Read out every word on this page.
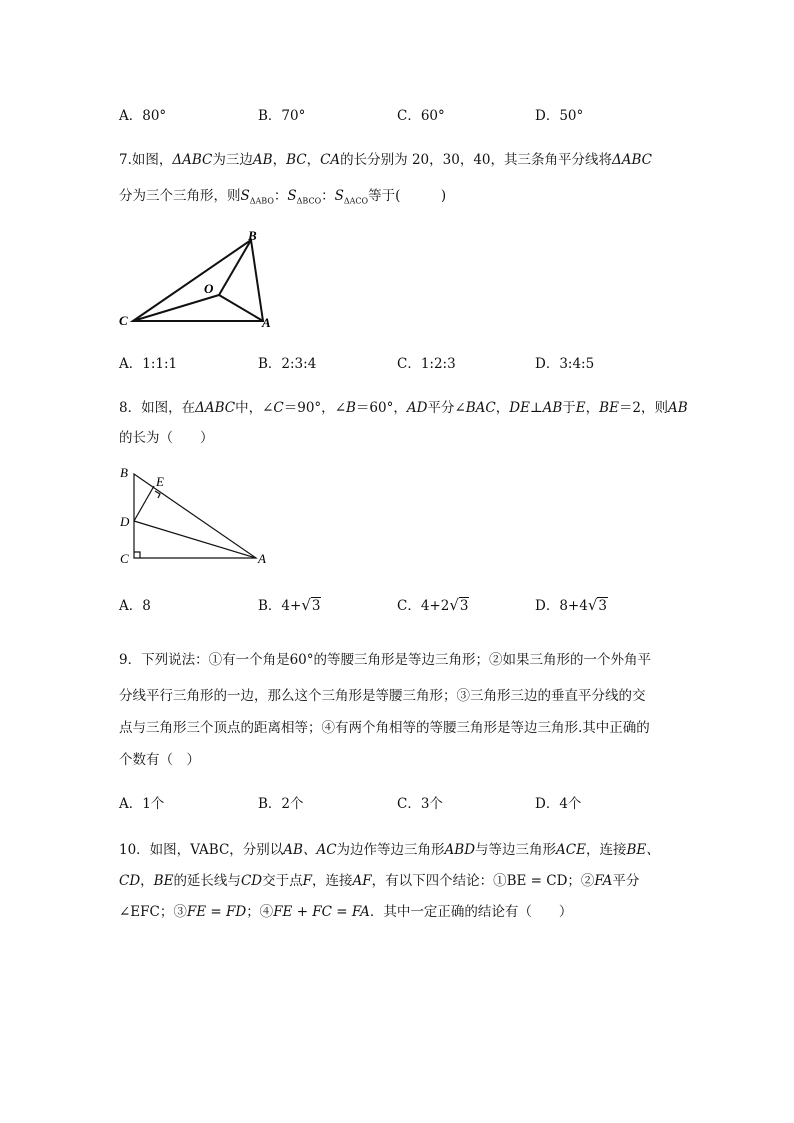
A．80°	B．70°	C．60°	D．50°
7.如图，ΔABC为三边AB，BC，CA的长分别为 20，30，40，其三条角平分线将ΔABC
分为三个三角形，则$S_{\Delta ABO}$：$S_{\Delta BCO}$：$S_{\Delta ACO}$等于(　　　)
B
O
C	A
A．1:1:1	B．2:3:4	C．1:2:3	D．3:4:5
8．如图，在ΔABC中，∠C＝90°，∠B＝60°，AD平分∠BAC，DE⊥AB于E，BE＝2，则AB
的长为（　　）
B
E
D
C	A
A．8	B．4+√3	C．4+2√3	D．8+4√3
9．下列说法：①有一个角是60°的等腰三角形是等边三角形；②如果三角形的一个外角平
分线平行三角形的一边，那么这个三角形是等腰三角形；③三角形三边的垂直平分线的交
点与三角形三个顶点的距离相等；④有两个角相等的等腰三角形是等边三角形.其中正确的
个数有（　）
A．1个	B．2个	C．3个	D．4个
10．如图，VABC，分别以AB、AC为边作等边三角形ABD与等边三角形ACE，连接BE、
CD，BE的延长线与CD交于点F，连接AF，有以下四个结论：①BE = CD；②FA平分
∠EFC；③FE = FD；④FE + FC = FA．其中一定正确的结论有（　　）
